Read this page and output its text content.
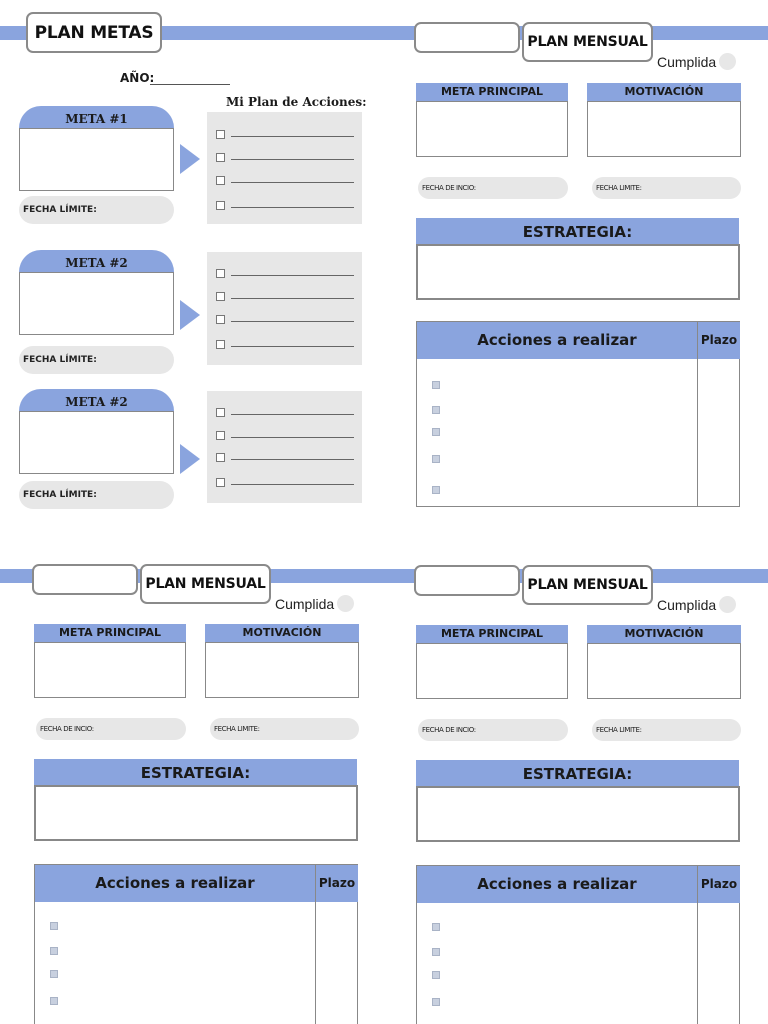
PLAN METAS
AÑO:
Mi Plan de Acciones:
META #1
FECHA LÍMITE:
META #2
FECHA LÍMITE:
META #2
FECHA LÍMITE:
PLAN MENSUAL
Cumplida
META PRINCIPAL	MOTIVACIÓN
FECHA DE INCIO:	FECHA LIMITE:
ESTRATEGIA:
Acciones a realizar	Plazo
PLAN MENSUAL
Cumplida
META PRINCIPAL	MOTIVACIÓN
FECHA DE INCIO:	FECHA LIMITE:
ESTRATEGIA:
Acciones a realizar	Plazo
PLAN MENSUAL
Cumplida
META PRINCIPAL	MOTIVACIÓN
FECHA DE INCIO:	FECHA LIMITE:
ESTRATEGIA:
Acciones a realizar	Plazo
